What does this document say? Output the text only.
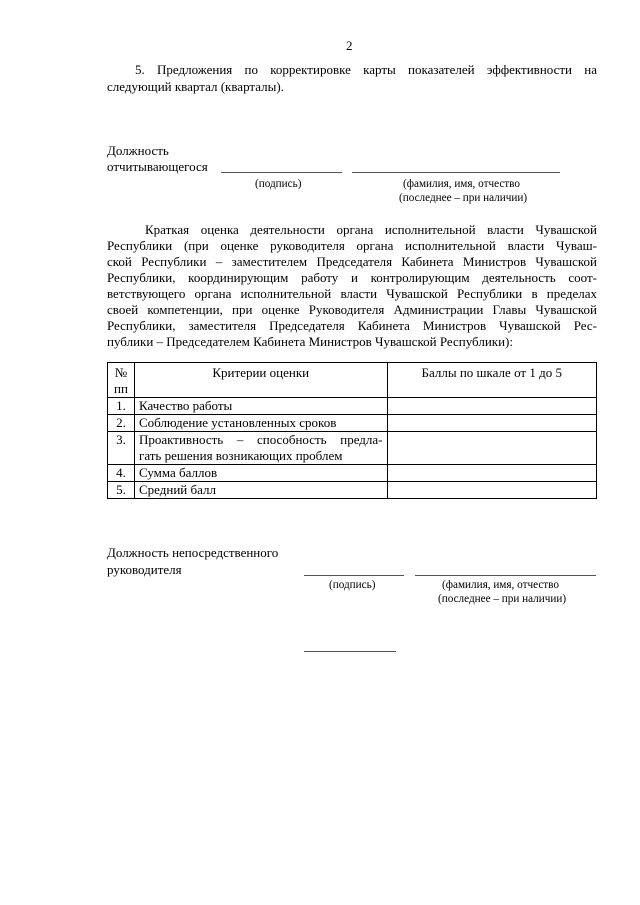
2
5. Предложения по корректировке карты показателей эффективности на
следующий квартал (кварталы).
Должность
отчитывающегося
(подпись)	(фамилия, имя, отчество
(последнее – при наличии)
Краткая оценка деятельности органа исполнительной власти Чувашской
Республики (при оценке руководителя органа исполнительной власти Чуваш-
ской Республики – заместителем Председателя Кабинета Министров Чувашской
Республики, координирующим работу и контролирующим деятельность соот-
ветствующего органа исполнительной власти Чувашской Республики в пределах
своей компетенции, при оценке Руководителя Администрации Главы Чувашской
Республики, заместителя Председателя Кабинета Министров Чувашской Рес-
публики – Председателем Кабинета Министров Чувашской Республики):
№
пп	Критерии оценки	Баллы по шкале от 1 до 5
1.	Качество работы	
2.	Соблюдение установленных сроков	
3.	Проактивность – способность предла-
гать решения возникающих проблем	

4.	Сумма баллов	
5.	Средний балл	
Должность непосредственного
руководителя
(подпись)	(фамилия, имя, отчество
(последнее – при наличии)
